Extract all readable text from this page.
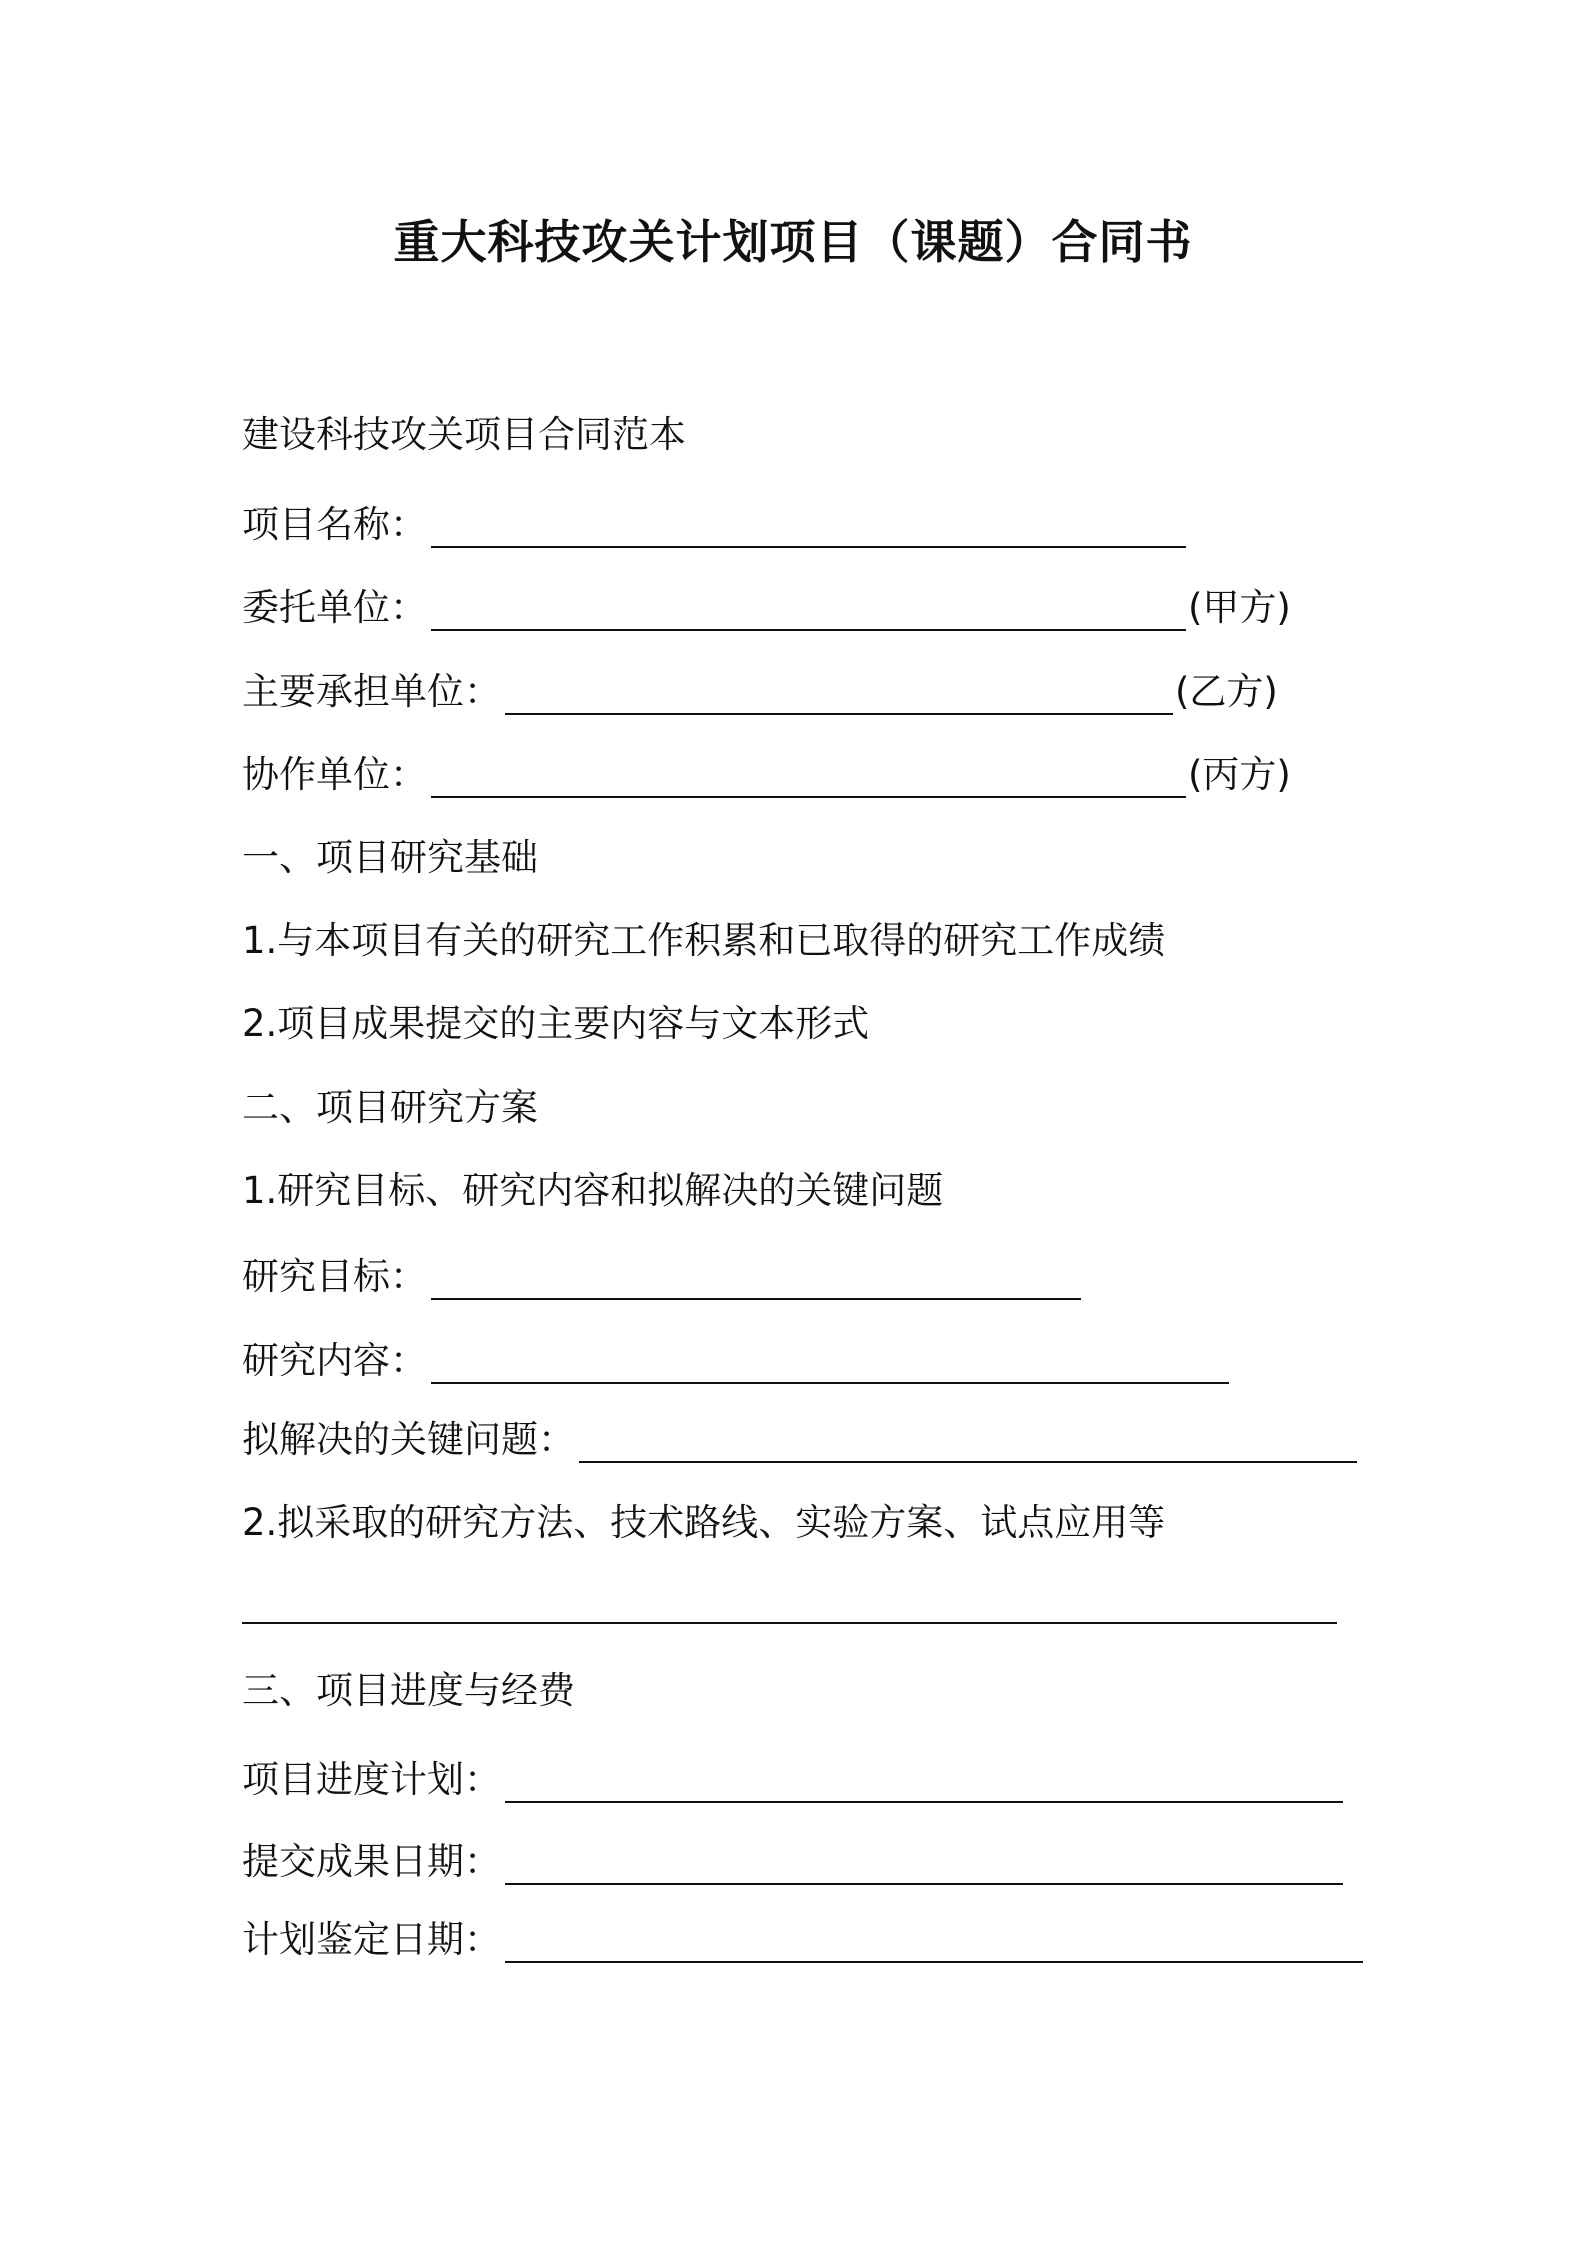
重大科技攻关计划项目（课题）合同书
建设科技攻关项目合同范本
项目名称：
委托单位：	(甲方)
主要承担单位：	(乙方)
协作单位：	(丙方)
一、项目研究基础
1.与本项目有关的研究工作积累和已取得的研究工作成绩
2.项目成果提交的主要内容与文本形式
二、项目研究方案
1.研究目标、研究内容和拟解决的关键问题
研究目标：
研究内容：
拟解决的关键问题：
2.拟采取的研究方法、技术路线、实验方案、试点应用等
三、项目进度与经费
项目进度计划：
提交成果日期：
计划鉴定日期：
